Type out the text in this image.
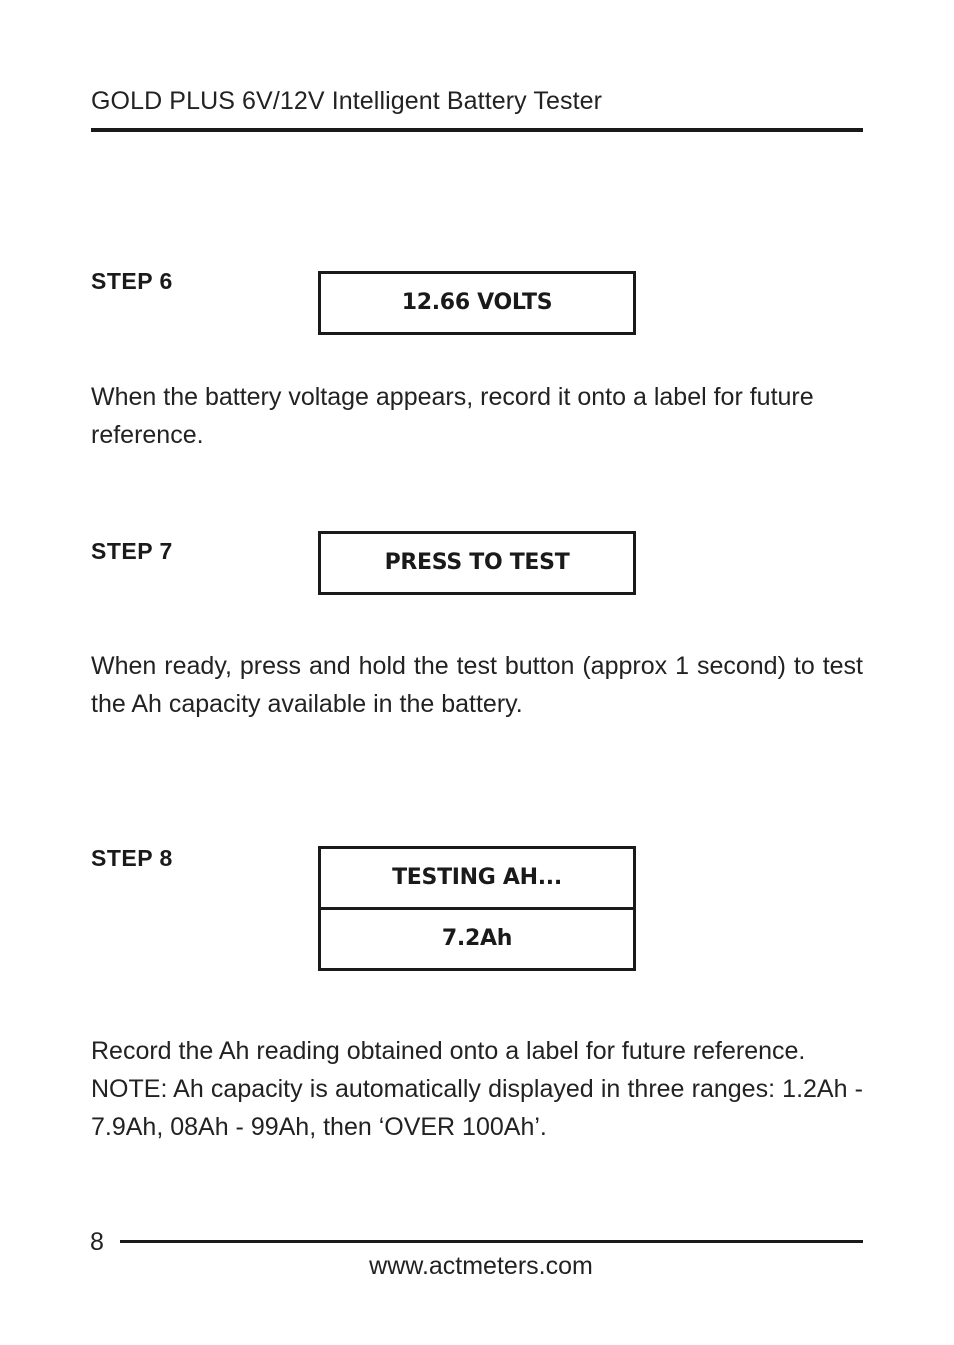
GOLD PLUS 6V/12V Intelligent Battery Tester
STEP 6
12.66 VOLTS

When the battery voltage appears, record it onto a label for future reference.

STEP 7	PRESS TO TEST

When ready, press and hold the test button (approx 1 second) to test the Ah capacity available in the battery.

STEP 8
TESTING AH...
7.2Ah

Record the Ah reading obtained onto a label for future reference.

NOTE: Ah capacity is automatically displayed in three ranges: 1.2Ah - 7.9Ah, 08Ah - 99Ah, then ‘OVER 100Ah’.

8
www.actmeters.com
